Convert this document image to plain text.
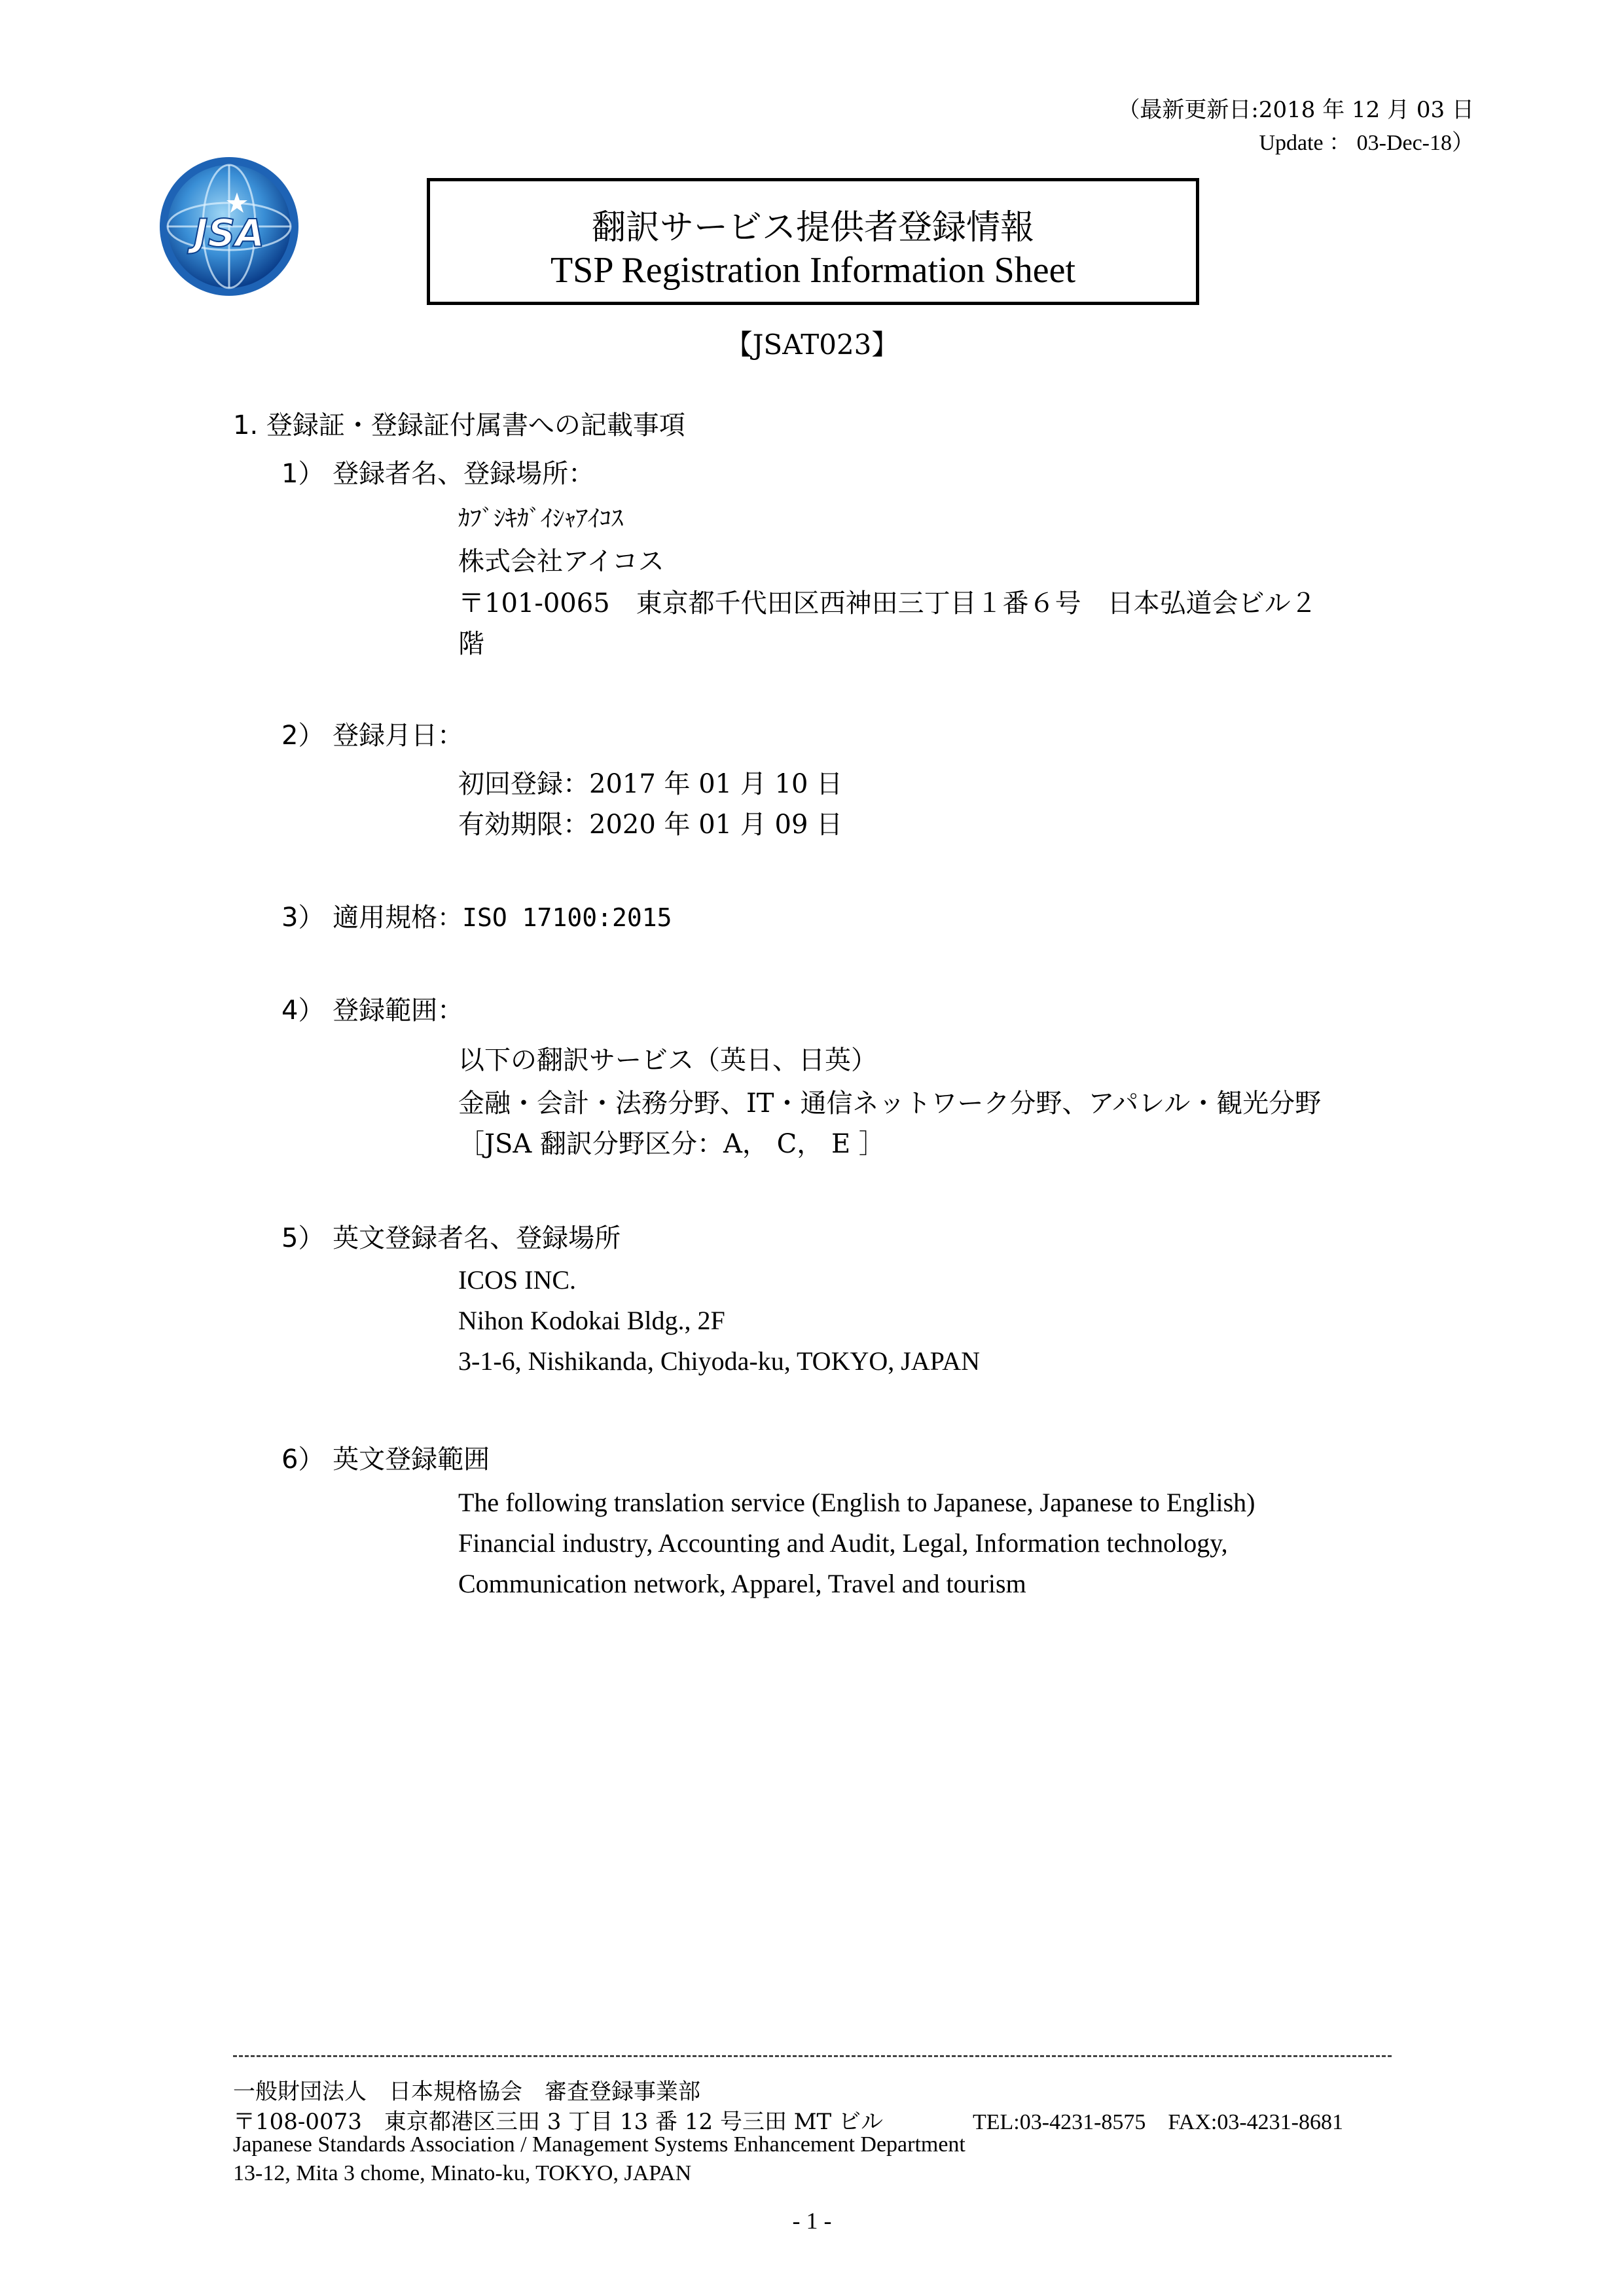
（最新更新日:2018 年 12 月 03 日
Update ： 03-Dec-18）
JSA	翻訳サービス提供者登録情報
TSP Registration Information Sheet
【JSAT023】
1. 登録証・登録証付属書への記載事項
1） 登録者名、登録場所：
ｶﾌﾞｼｷｶﾞｲｼｬｱｲｺｽ
株式会社アイコス
〒101-0065　東京都千代田区西神田三丁目１番６号　日本弘道会ビル２
階
2） 登録月日：
初回登録：2017 年 01 月 10 日
有効期限：2020 年 01 月 09 日
3） 適用規格：ISO 17100:2015
4） 登録範囲：
以下の翻訳サービス（英日、日英）
金融・会計・法務分野、IT・通信ネットワーク分野、アパレル・観光分野
［JSA 翻訳分野区分：A， C， E ］
5） 英文登録者名、登録場所
ICOS INC.
Nihon Kodokai Bldg., 2F
3-1-6, Nishikanda, Chiyoda-ku, TOKYO, JAPAN
6） 英文登録範囲
The following translation service (English to Japanese, Japanese to English)
Financial industry, Accounting and Audit, Legal, Information technology,
Communication network, Apparel, Travel and tourism
一般財団法人　日本規格協会　審査登録事業部
〒108-0073　東京都港区三田 3 丁目 13 番 12 号三田 MT ビル	TEL:03-4231-8575　FAX:03-4231-8681
Japanese Standards Association / Management Systems Enhancement Department
13-12, Mita 3 chome, Minato-ku, TOKYO, JAPAN
- 1 -
